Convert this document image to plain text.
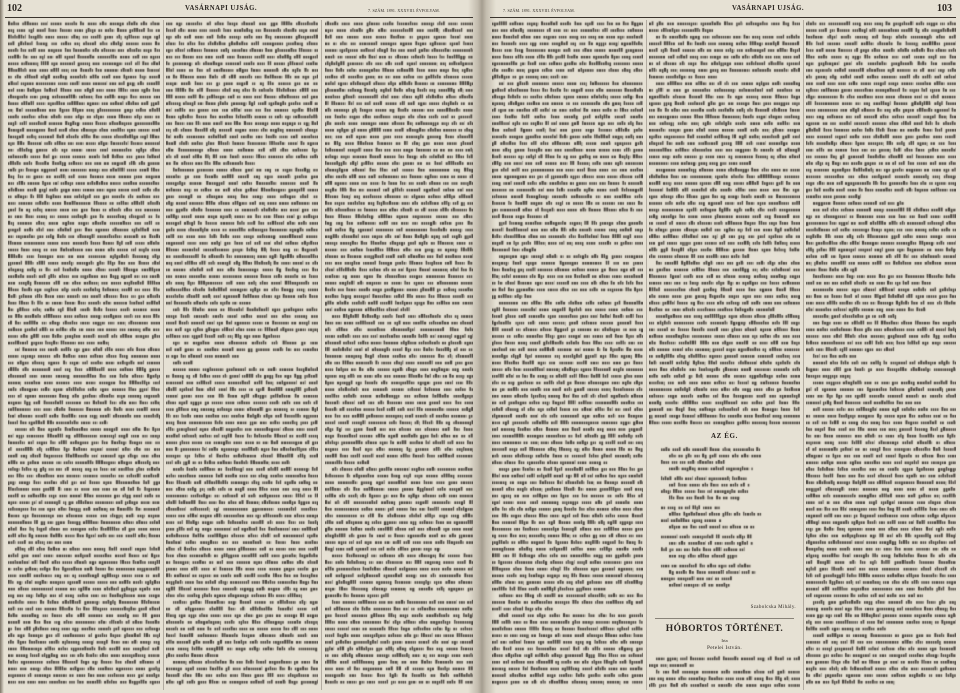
102	VASÁRNAPI UJSÁG.	7. SZÁM. 1891. XXXVIII. ÉVFOLYAM.	7. SZÁM. 1891. XXXVIII. ÉVFOLYAM.	VASÁRNAPI UJSÁG.	103
AZ ÉG.
Szabolcska Mihály.
HÓBORTOS TÖRTÉNET.
Irta
Petelei István.
